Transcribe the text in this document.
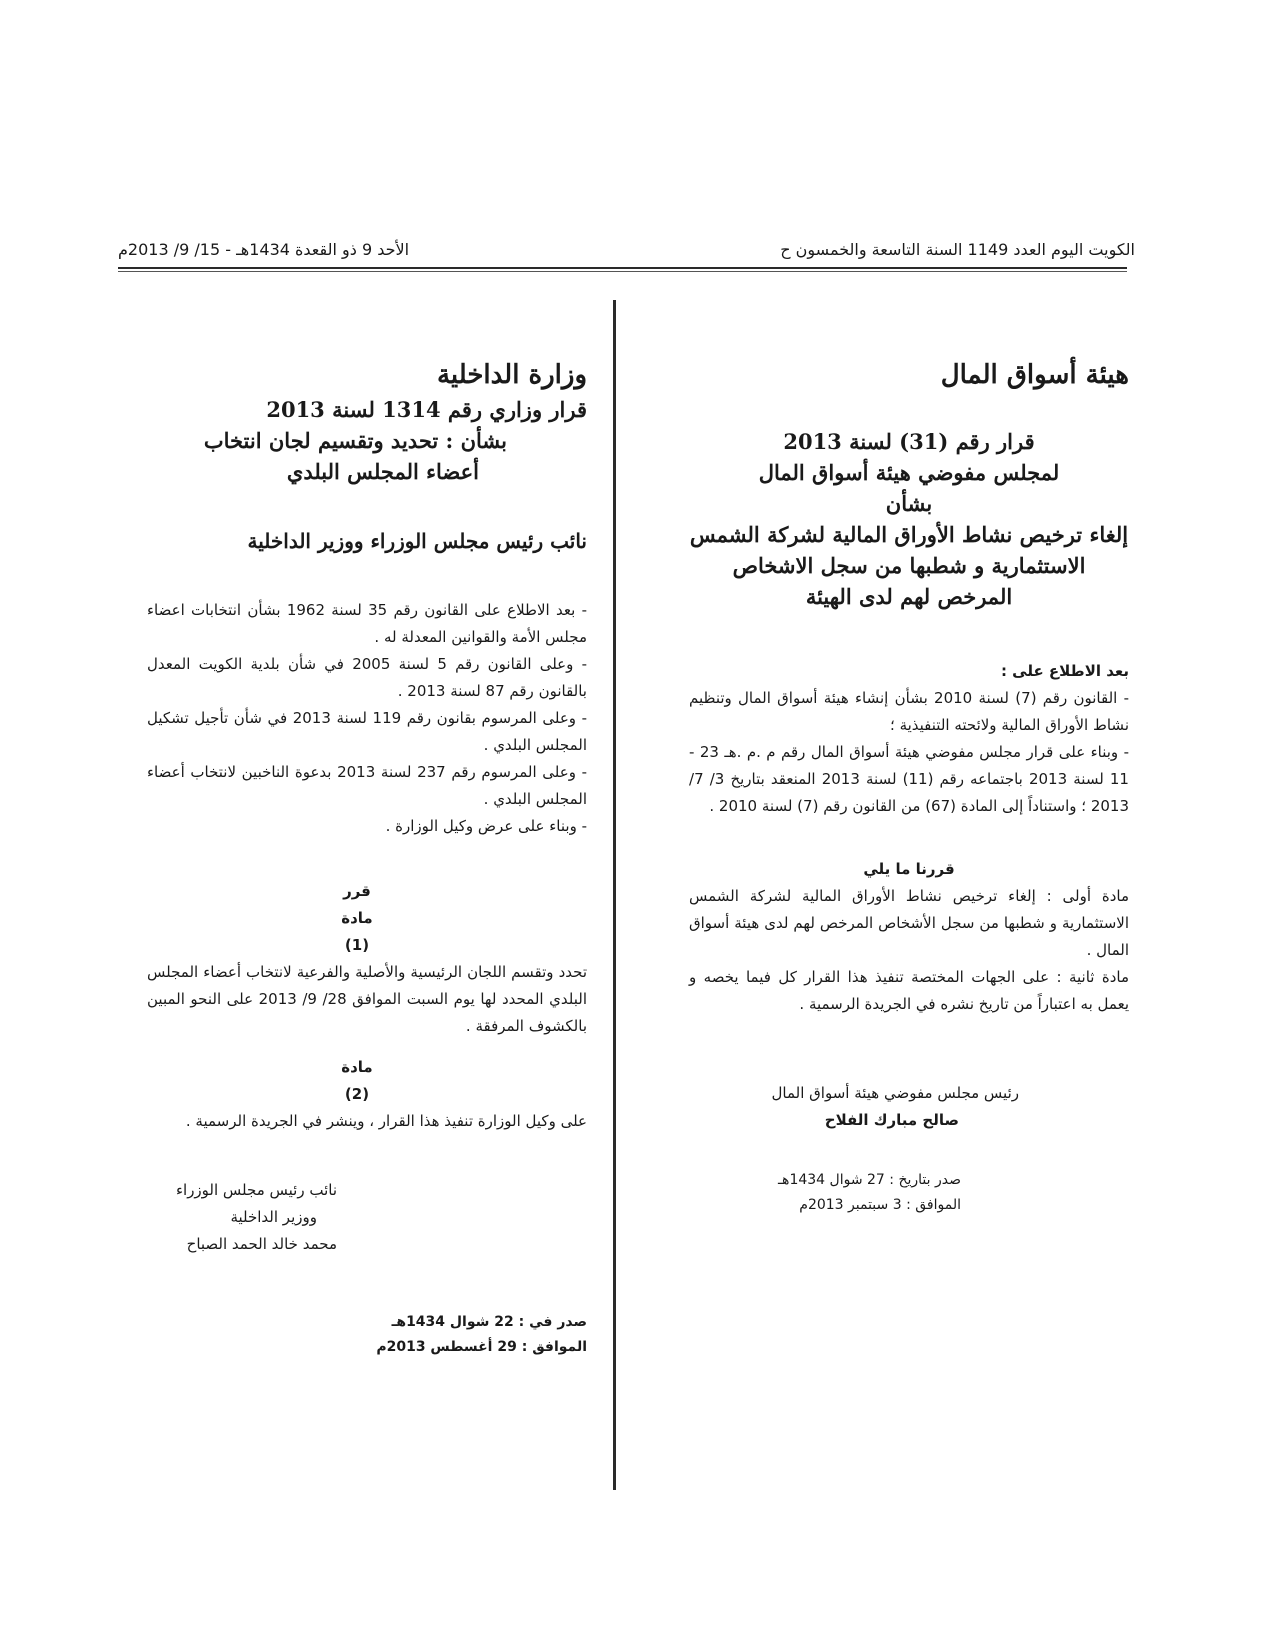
الكويت اليوم العدد 1149 السنة التاسعة والخمسون ح
الأحد 9 ذو القعدة 1434هـ - 15/ 9/ 2013م

هيئة أسواق المال

قرار رقم (31) لسنة 2013

لمجلس مفوضي هيئة أسواق المال

بشأن

إلغاء ترخيص نشاط الأوراق المالية لشركة الشمس

الاستثمارية و شطبها من سجل الاشخاص

المرخص لهم لدى الهيئة

بعد الاطلاع على :

- القانون رقم (7) لسنة 2010 بشأن إنشاء هيئة أسواق المال وتنظيم نشاط الأوراق المالية ولائحته التنفيذية ؛

- وبناء على قرار مجلس مفوضي هيئة أسواق المال رقم م .م .هـ 23 - 11 لسنة 2013 باجتماعه رقم (11) لسنة 2013 المنعقد بتاريخ 3/ 7/ 2013 ؛ واستناداً إلى المادة (67) من القانون رقم (7) لسنة 2010 .

قررنا ما يلي

مادة أولى : إلغاء ترخيص نشاط الأوراق المالية لشركة الشمس الاستثمارية و شطبها من سجل الأشخاص المرخص لهم لدى هيئة أسواق المال .

مادة ثانية : على الجهات المختصة تنفيذ هذا القرار كل فيما يخصه و يعمل به اعتباراً من تاريخ نشره في الجريدة الرسمية .

رئيس مجلس مفوضي هيئة أسواق المال

صالح مبارك الفلاح

صدر بتاريخ : 27 شوال 1434هـ

الموافق : 3 سبتمبر 2013م

وزارة الداخلية

قرار وزاري رقم 1314 لسنة 2013

بشأن : تحديد وتقسيم لجان انتخاب

أعضاء المجلس البلدي

نائب رئيس مجلس الوزراء ووزير الداخلية

- بعد الاطلاع على القانون رقم 35 لسنة 1962 بشأن انتخابات اعضاء مجلس الأمة والقوانين المعدلة له .

- وعلى القانون رقم 5 لسنة 2005 في شأن بلدية الكويت المعدل بالقانون رقم 87 لسنة 2013 .

- وعلى المرسوم بقانون رقم 119 لسنة 2013 في شأن تأجيل تشكيل المجلس البلدي .

- وعلى المرسوم رقم 237 لسنة 2013 بدعوة الناخبين لانتخاب أعضاء المجلس البلدي .

- وبناء على عرض وكيل الوزارة .

قرر

مادة (1)

تحدد وتقسم اللجان الرئيسية والأصلية والفرعية لانتخاب أعضاء المجلس البلدي المحدد لها يوم السبت الموافق 28/ 9/ 2013 على النحو المبين بالكشوف المرفقة .

مادة (2)

على وكيل الوزارة تنفيذ هذا القرار ، وينشر في الجريدة الرسمية .

نائب رئيس مجلس الوزراء

ووزير الداخلية

محمد خالد الحمد الصباح

صدر في : 22 شوال 1434هـ

الموافق : 29 أغسطس 2013م
